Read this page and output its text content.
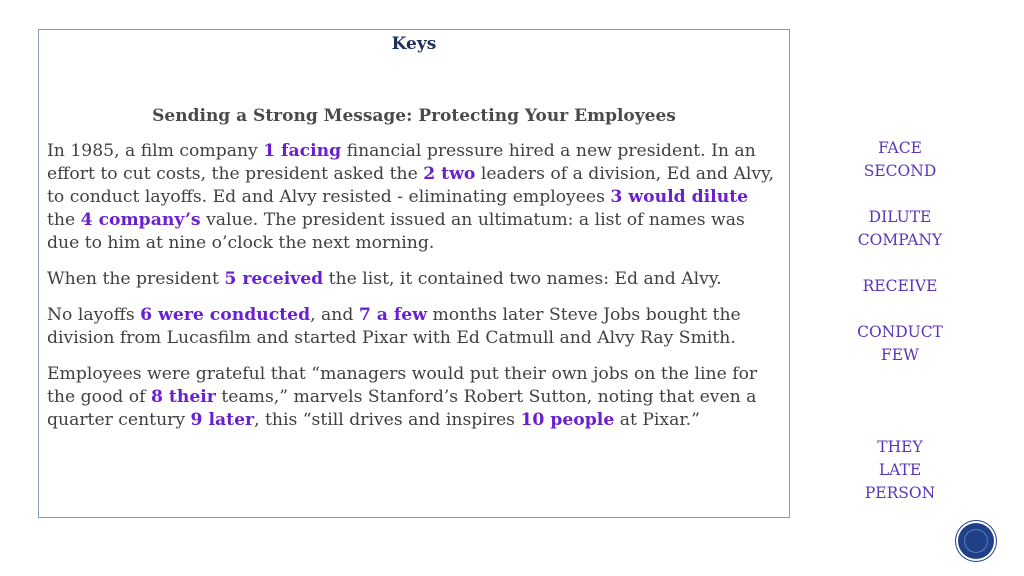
Keys
Sending a Strong Message: Protecting Your Employees

In 1985, a film company 1 facing financial pressure hired a new president. In an effort to cut costs, the president asked the 2 two leaders of a division, Ed and Alvy, to conduct layoffs. Ed and Alvy resisted - eliminating employees 3 would dilute the 4 company’s value. The president issued an ultimatum: a list of names was due to him at nine o’clock the next morning.

When the president 5 received the list, it contained two names: Ed and Alvy.

No layoffs 6 were conducted, and 7 a few months later Steve Jobs bought the division from Lucasfilm and started Pixar with Ed Catmull and Alvy Ray Smith.

Employees were grateful that “managers would put their own jobs on the line for the good of 8 their teams,” marvels Stanford’s Robert Sutton, noting that even a quarter century 9 later, this “still drives and inspires 10 people at Pixar.”

FACE
SECOND
DILUTE
COMPANY
RECEIVE
CONDUCT
FEW
THEY
LATE
PERSON
